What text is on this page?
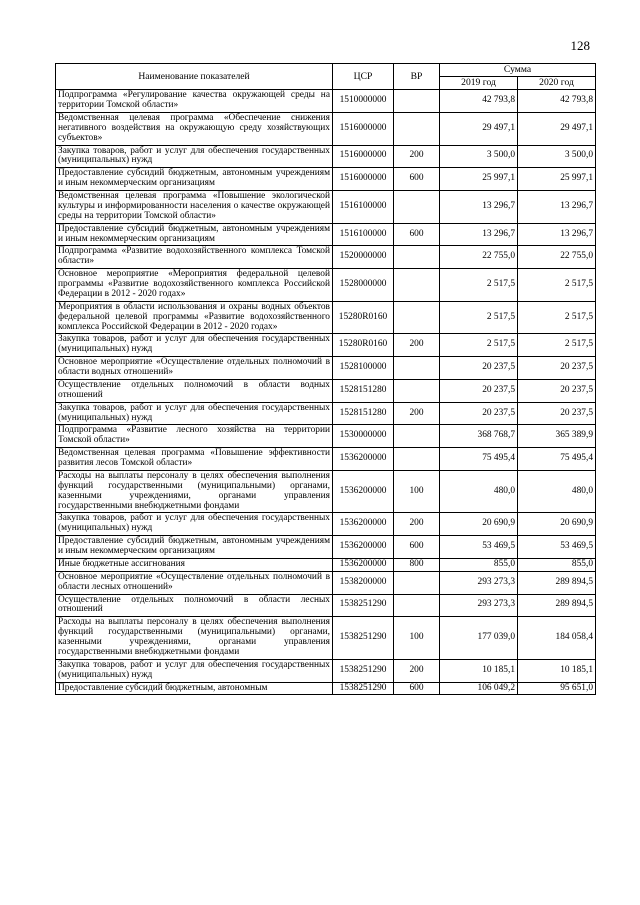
128
Наименование показателей	ЦСР	ВР	Сумма	
			2019 год	2020 год
Подпрограмма «Регулирование качества окружающей среды на территории Томской области»	1510000000		42 793,8	42 793,8
Ведомственная целевая программа «Обеспечение снижения негативного воздействия на окружающую среду хозяйствующих субъектов»	1516000000		29 497,1	29 497,1
Закупка товаров, работ и услуг для обеспечения государственных (муниципальных) нужд	1516000000	200	3 500,0	3 500,0
Предоставление субсидий бюджетным, автономным учреждениям и иным некоммерческим организациям	1516000000	600	25 997,1	25 997,1
Ведомственная целевая программа «Повышение экологической культуры и информированности населения о качестве окружающей среды на территории Томской области»	1516100000		13 296,7	13 296,7
Предоставление субсидий бюджетным, автономным учреждениям и иным некоммерческим организациям	1516100000	600	13 296,7	13 296,7
Подпрограмма «Развитие водохозяйственного комплекса Томской области»	1520000000		22 755,0	22 755,0
Основное мероприятие «Мероприятия федеральной целевой программы «Развитие водохозяйственного комплекса Российской Федерации в 2012 - 2020 годах»	1528000000		2 517,5	2 517,5
Мероприятия в области использования и охраны водных объектов федеральной целевой программы «Развитие водохозяйственного комплекса Российской Федерации в 2012 - 2020 годах»	15280R0160		2 517,5	2 517,5
Закупка товаров, работ и услуг для обеспечения государственных (муниципальных) нужд	15280R0160	200	2 517,5	2 517,5
Основное мероприятие «Осуществление отдельных полномочий в области водных отношений»	1528100000		20 237,5	20 237,5
Осуществление отдельных полномочий в области водных отношений	1528151280		20 237,5	20 237,5
Закупка товаров, работ и услуг для обеспечения государственных (муниципальных) нужд	1528151280	200	20 237,5	20 237,5
Подпрограмма «Развитие лесного хозяйства на территории Томской области»	1530000000		368 768,7	365 389,9
Ведомственная целевая программа «Повышение эффективности развития лесов Томской области»	1536200000		75 495,4	75 495,4
Расходы на выплаты персоналу в целях обеспечения выполнения функций государственными (муниципальными) органами, казенными учреждениями, органами управления государственными внебюджетными фондами	1536200000	100	480,0	480,0
Закупка товаров, работ и услуг для обеспечения государственных (муниципальных) нужд	1536200000	200	20 690,9	20 690,9
Предоставление субсидий бюджетным, автономным учреждениям и иным некоммерческим организациям	1536200000	600	53 469,5	53 469,5
Иные бюджетные ассигнования	1536200000	800	855,0	855,0
Основное мероприятие «Осуществление отдельных полномочий в области лесных отношений»	1538200000		293 273,3	289 894,5
Осуществление отдельных полномочий в области лесных отношений	1538251290		293 273,3	289 894,5
Расходы на выплаты персоналу в целях обеспечения выполнения функций государственными (муниципальными) органами, казенными учреждениями, органами управления государственными внебюджетными фондами	1538251290	100	177 039,0	184 058,4
Закупка товаров, работ и услуг для обеспечения государственных (муниципальных) нужд	1538251290	200	10 185,1	10 185,1
Предоставление субсидий бюджетным, автономным	1538251290	600	106 049,2	95 651,0
